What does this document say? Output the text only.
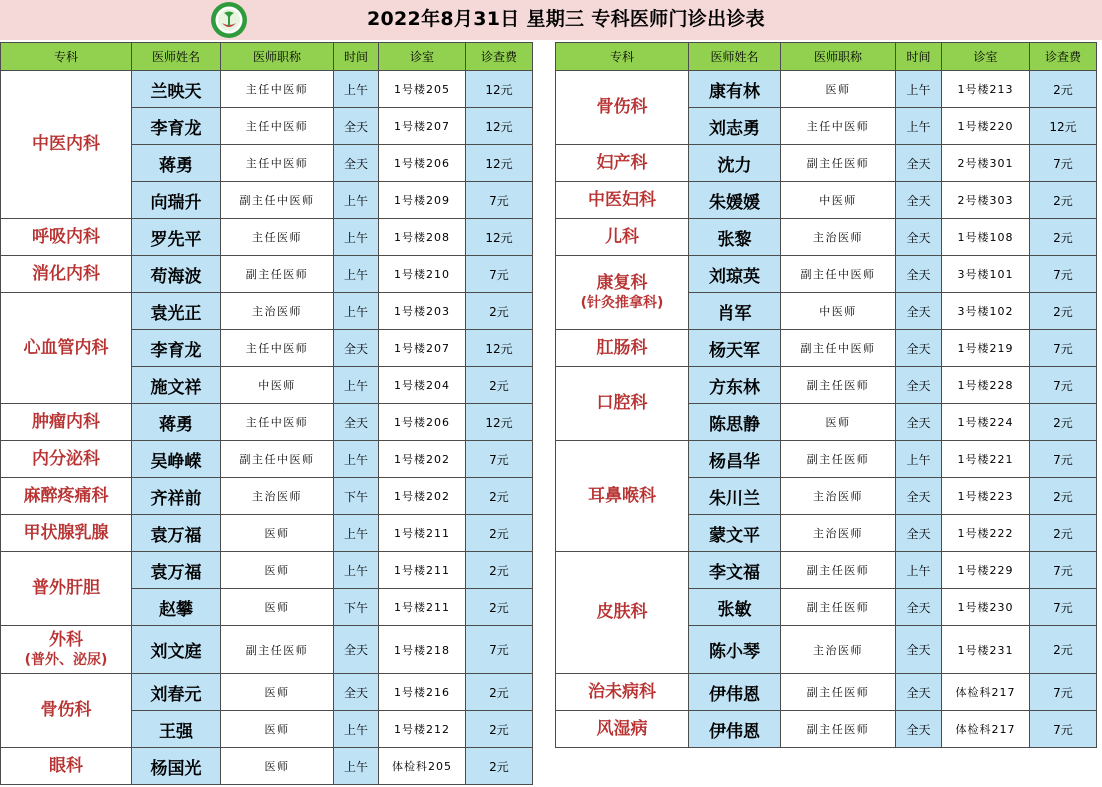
2022年8月31日 星期三 专科医师门诊出诊表
专科	医师姓名	医师职称	时间	诊室	诊查费
中医内科	兰映天	主任中医师	上午	1号楼205	12元
	李育龙	主任中医师	全天	1号楼207	12元
	蒋勇	主任中医师	全天	1号楼206	12元
	向瑞升	副主任中医师	上午	1号楼209	7元
呼吸内科	罗先平	主任医师	上午	1号楼208	12元
消化内科	苟海波	副主任医师	上午	1号楼210	7元
心血管内科	袁光正	主治医师	上午	1号楼203	2元
	李育龙	主任中医师	全天	1号楼207	12元
	施文祥	中医师	上午	1号楼204	2元
肿瘤内科	蒋勇	主任中医师	全天	1号楼206	12元
内分泌科	吴峥嵘	副主任中医师	上午	1号楼202	7元
麻醉疼痛科	齐祥前	主治医师	下午	1号楼202	2元
甲状腺乳腺	袁万福	医师	上午	1号楼211	2元
普外肝胆	袁万福	医师	上午	1号楼211	2元
	赵攀	医师	下午	1号楼211	2元
外科
(普外、泌尿)	刘文庭	副主任医师	全天	1号楼218	7元
骨伤科	刘春元	医师	全天	1号楼216	2元
	王强	医师	上午	1号楼212	2元
眼科	杨国光	医师	上午	体检科205	2元
专科	医师姓名	医师职称	时间	诊室	诊查费
骨伤科	康有林	医师	上午	1号楼213	2元
	刘志勇	主任中医师	上午	1号楼220	12元
妇产科	沈力	副主任医师	全天	2号楼301	7元
中医妇科	朱媛媛	中医师	全天	2号楼303	2元
儿科	张黎	主治医师	全天	1号楼108	2元
康复科
(针灸推拿科)	刘琼英	副主任中医师	全天	3号楼101	7元
	肖军	中医师	全天	3号楼102	2元
肛肠科	杨天军	副主任中医师	全天	1号楼219	7元
口腔科	方东林	副主任医师	全天	1号楼228	7元
	陈思静	医师	全天	1号楼224	2元
耳鼻喉科	杨昌华	副主任医师	上午	1号楼221	7元
	朱川兰	主治医师	全天	1号楼223	2元
	蒙文平	主治医师	全天	1号楼222	2元
皮肤科	李文福	副主任医师	上午	1号楼229	7元
	张敏	副主任医师	全天	1号楼230	7元
	陈小琴	主治医师	全天	1号楼231	2元
治未病科	伊伟恩	副主任医师	全天	体检科217	7元
风湿病	伊伟恩	副主任医师	全天	体检科217	7元
